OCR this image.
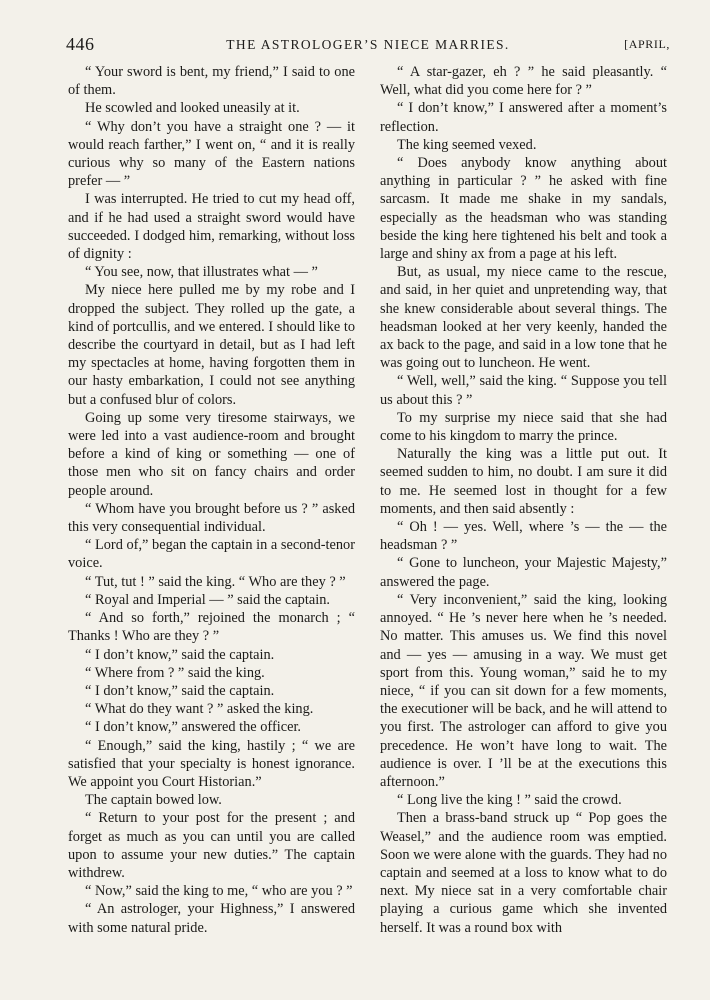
446	THE ASTROLOGER’S NIECE MARRIES.	[APRIL,

“ Your sword is bent, my friend,” I said to one of them.

He scowled and looked uneasily at it.

“ Why don’t you have a straight one ? — it would reach farther,” I went on, “ and it is really curious why so many of the Eastern nations prefer — ”

I was interrupted. He tried to cut my head off, and if he had used a straight sword would have succeeded. I dodged him, remarking, without loss of dignity :

“ You see, now, that illustrates what — ”

My niece here pulled me by my robe and I dropped the subject. They rolled up the gate, a kind of portcullis, and we entered. I should like to describe the courtyard in detail, but as I had left my spectacles at home, having forgotten them in our hasty embarkation, I could not see anything but a confused blur of colors.

Going up some very tiresome stairways, we were led into a vast audience-room and brought before a kind of king or something — one of those men who sit on fancy chairs and order people around.

“ Whom have you brought before us ? ” asked this very consequential individual.

“ Lord of,” began the captain in a second-tenor voice.

“ Tut, tut ! ” said the king. “ Who are they ? ”

“ Royal and Imperial — ” said the captain.

“ And so forth,” rejoined the monarch ; “ Thanks ! Who are they ? ”

“ I don’t know,” said the captain.

“ Where from ? ” said the king.

“ I don’t know,” said the captain.

“ What do they want ? ” asked the king.

“ I don’t know,” answered the officer.

“ Enough,” said the king, hastily ; “ we are satisfied that your specialty is honest ignorance. We appoint you Court Historian.”

The captain bowed low.

“ Return to your post for the present ; and forget as much as you can until you are called upon to assume your new duties.” The captain withdrew.

“ Now,” said the king to me, “ who are you ? ”

“ An astrologer, your Highness,” I answered with some natural pride.

“ A star-gazer, eh ? ” he said pleasantly. “ Well, what did you come here for ? ”

“ I don’t know,” I answered after a moment’s reflection.

The king seemed vexed.

“ Does anybody know anything about anything in particular ? ” he asked with fine sarcasm. It made me shake in my sandals, especially as the headsman who was standing beside the king here tightened his belt and took a large and shiny ax from a page at his left.

But, as usual, my niece came to the rescue, and said, in her quiet and unpretending way, that she knew considerable about several things. The headsman looked at her very keenly, handed the ax back to the page, and said in a low tone that he was going out to luncheon. He went.

“ Well, well,” said the king. “ Suppose you tell us about this ? ”

To my surprise my niece said that she had come to his kingdom to marry the prince.

Naturally the king was a little put out. It seemed sudden to him, no doubt. I am sure it did to me. He seemed lost in thought for a few moments, and then said absently :

“ Oh ! — yes. Well, where ’s — the — the headsman ? ”

“ Gone to luncheon, your Majestic Majesty,” answered the page.

“ Very inconvenient,” said the king, looking annoyed. “ He ’s never here when he ’s needed. No matter. This amuses us. We find this novel and — yes — amusing in a way. We must get sport from this. Young woman,” said he to my niece, “ if you can sit down for a few moments, the executioner will be back, and he will attend to you first. The astrologer can afford to give you precedence. He won’t have long to wait. The audience is over. I ’ll be at the executions this afternoon.”

“ Long live the king ! ” said the crowd.

Then a brass-band struck up “ Pop goes the Weasel,” and the audience room was emptied. Soon we were alone with the guards. They had no captain and seemed at a loss to know what to do next. My niece sat in a very comfortable chair playing a curious game which she invented herself. It was a round box with
